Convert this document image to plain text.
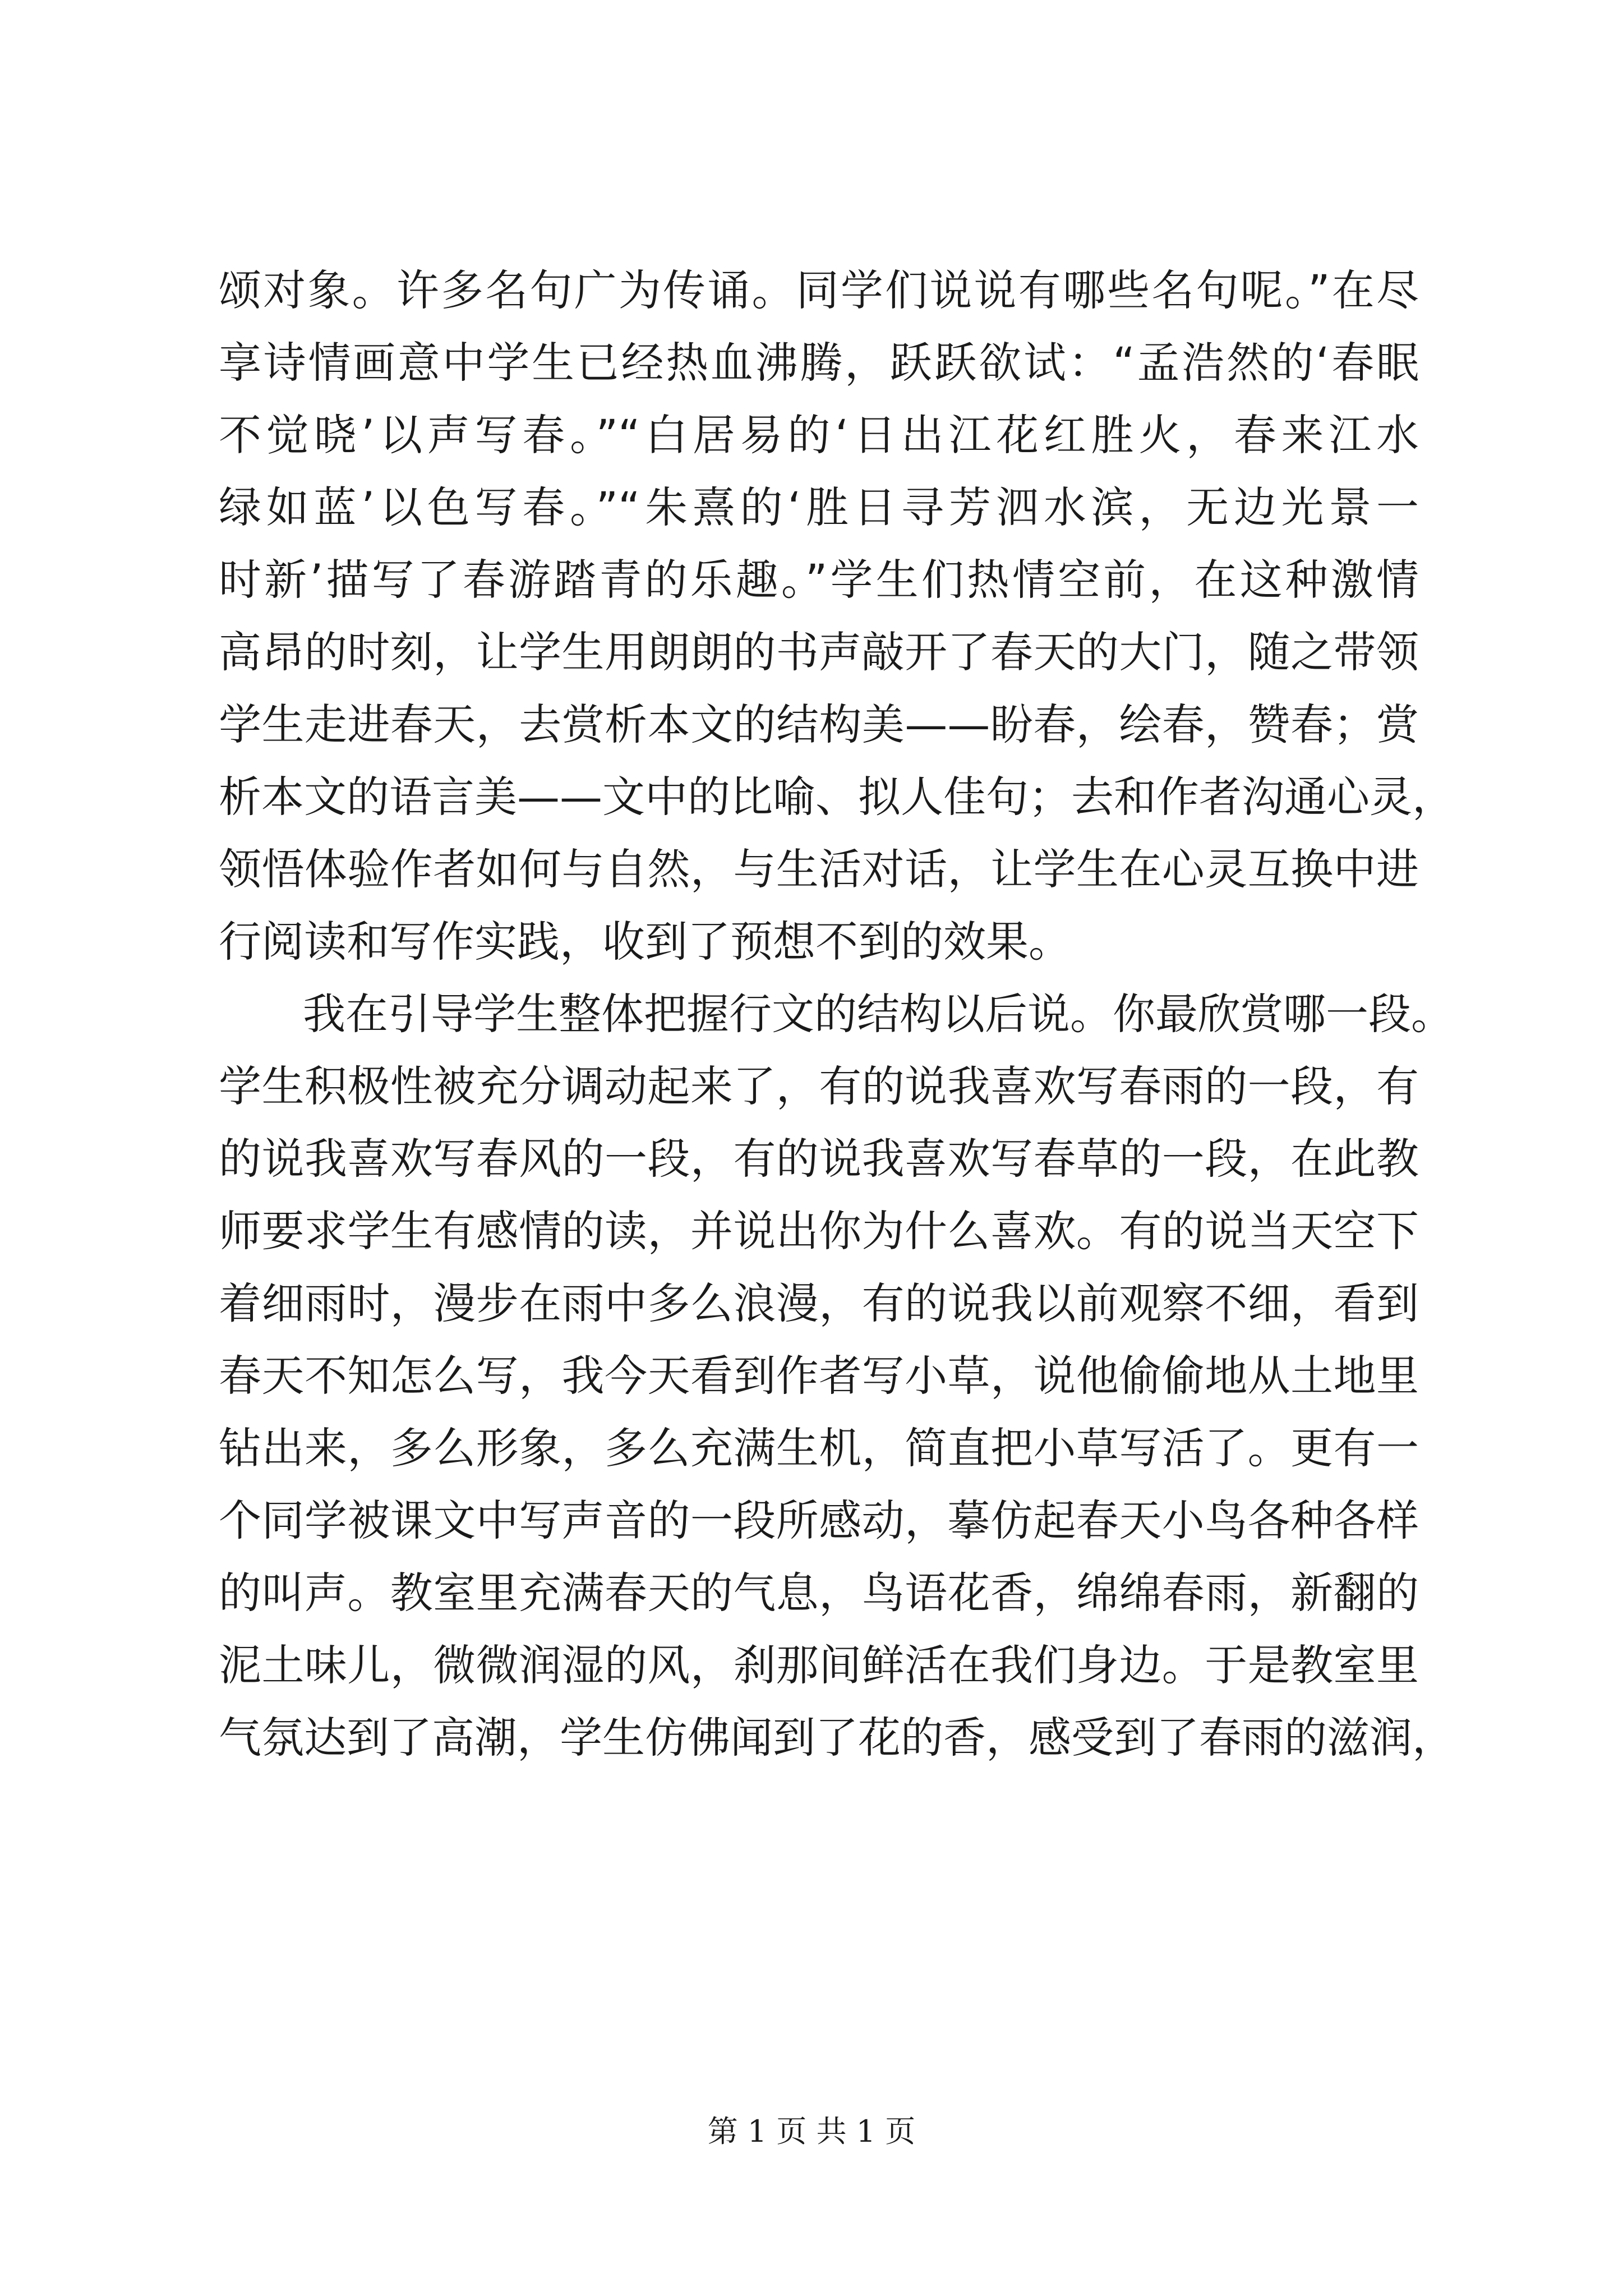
颂对象。许多名句广为传诵。同学们说说有哪些名句呢。”在尽
享诗情画意中学生已经热血沸腾，跃跃欲试：“孟浩然的‘春眠
不觉晓’以声写春。”“白居易的‘日出江花红胜火，春来江水
绿如蓝’以色写春。”“朱熹的‘胜日寻芳泗水滨，无边光景一
时新’描写了春游踏青的乐趣。”学生们热情空前，在这种激情
高昂的时刻，让学生用朗朗的书声敲开了春天的大门，随之带领
学生走进春天，去赏析本文的结构美——盼春，绘春，赞春；赏
析本文的语言美——文中的比喻、拟人佳句；去和作者沟通心灵，
领悟体验作者如何与自然，与生活对话，让学生在心灵互换中进
行阅读和写作实践，收到了预想不到的效果。
我在引导学生整体把握行文的结构以后说。你最欣赏哪一段。
学生积极性被充分调动起来了，有的说我喜欢写春雨的一段，有
的说我喜欢写春风的一段，有的说我喜欢写春草的一段，在此教
师要求学生有感情的读，并说出你为什么喜欢。有的说当天空下
着细雨时，漫步在雨中多么浪漫，有的说我以前观察不细，看到
春天不知怎么写，我今天看到作者写小草，说他偷偷地从土地里
钻出来，多么形象，多么充满生机，简直把小草写活了。更有一
个同学被课文中写声音的一段所感动，摹仿起春天小鸟各种各样
的叫声。教室里充满春天的气息，鸟语花香，绵绵春雨，新翻的
泥土味儿，微微润湿的风，刹那间鲜活在我们身边。于是教室里
气氛达到了高潮，学生仿佛闻到了花的香，感受到了春雨的滋润，
第 1 页 共 1 页
